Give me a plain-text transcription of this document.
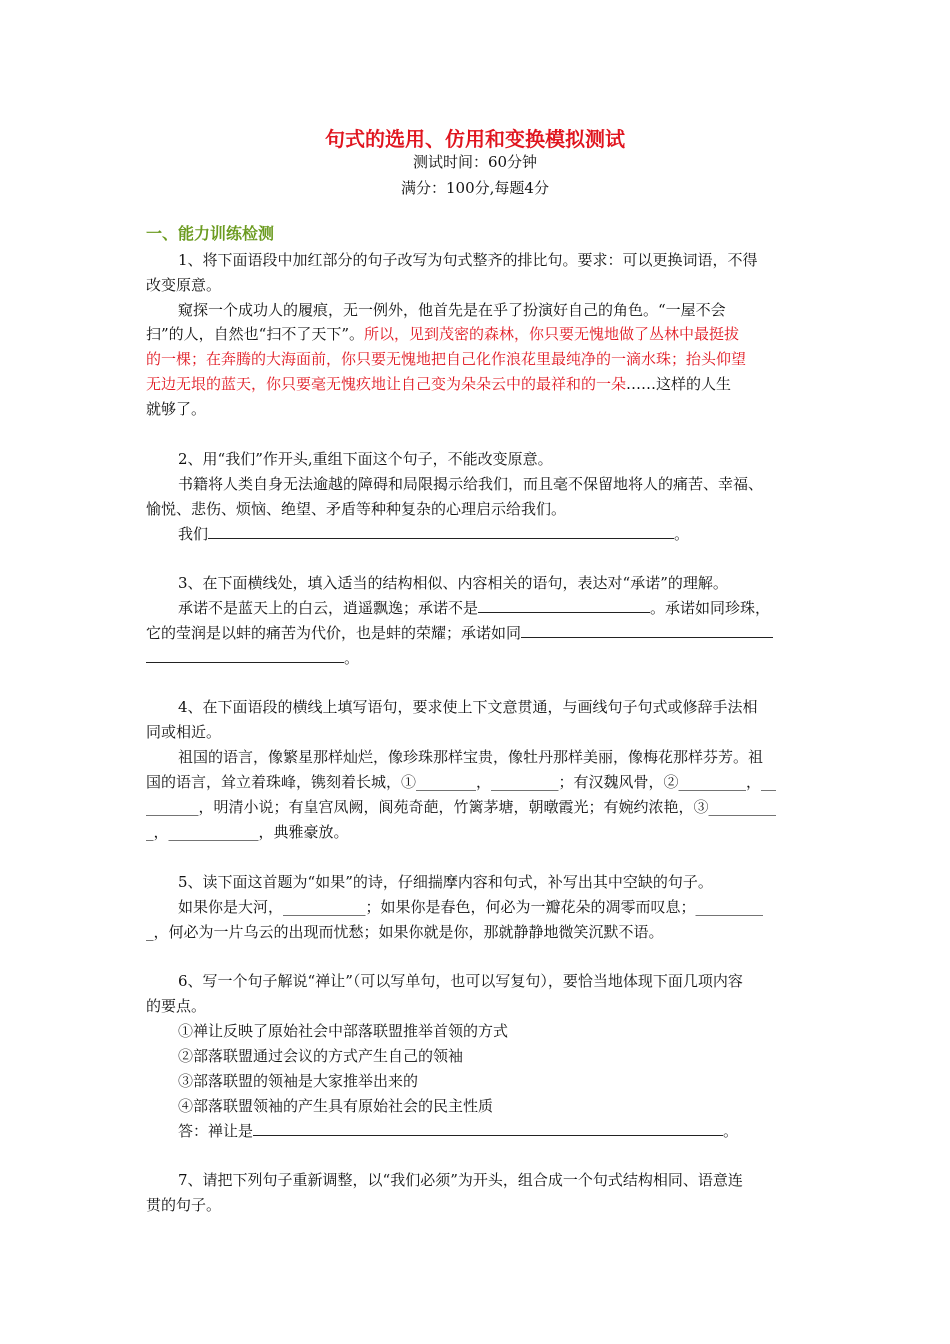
句式的选用、仿用和变换模拟测试
测试时间：60分钟
满分：100分,每题4分
一、能力训练检测
1、将下面语段中加红部分的句子改写为句式整齐的排比句。要求：可以更换词语，不得
改变原意。
窥探一个成功人的履痕，无一例外，他首先是在乎了扮演好自己的角色。“一屋不会
扫”的人，自然也“扫不了天下”。所以，见到茂密的森林，你只要无愧地做了丛林中最挺拔
的一棵；在奔腾的大海面前，你只要无愧地把自己化作浪花里最纯净的一滴水珠；抬头仰望
无边无垠的蓝天，你只要毫无愧疚地让自己变为朵朵云中的最祥和的一朵……这样的人生
就够了。
2、用“我们”作开头,重组下面这个句子，不能改变原意。
书籍将人类自身无法逾越的障碍和局限揭示给我们，而且毫不保留地将人的痛苦、幸福、
愉悦、悲伤、烦恼、绝望、矛盾等种种复杂的心理启示给我们。
我们	。
3、在下面横线处，填入适当的结构相似、内容相关的语句，表达对“承诺”的理解。
承诺不是蓝天上的白云，逍遥飘逸；承诺不是	。承诺如同珍珠，
它的莹润是以蚌的痛苦为代价，也是蚌的荣耀；承诺如同
。
4、在下面语段的横线上填写语句，要求使上下文意贯通，与画线句子句式或修辞手法相
同或相近。
祖国的语言，像繁星那样灿烂，像珍珠那样宝贵，像牡丹那样美丽，像梅花那样芬芳。祖
国的语言，耸立着珠峰，镌刻着长城，①________，_________；有汉魏风骨，②_________，__
_______，明清小说；有皇宫凤阙，阆苑奇葩，竹篱茅塘，朝暾霞光；有婉约浓艳，③_________
_，____________，典雅豪放。
5、读下面这首题为“如果”的诗，仔细揣摩内容和句式，补写出其中空缺的句子。
如果你是大河，___________；如果你是春色，何必为一瓣花朵的凋零而叹息；_________
_，何必为一片乌云的出现而忧愁；如果你就是你，那就静静地微笑沉默不语。
6、写一个句子解说“禅让”（可以写单句，也可以写复句），要恰当地体现下面几项内容
的要点。
①禅让反映了原始社会中部落联盟推举首领的方式
②部落联盟通过会议的方式产生自己的领袖
③部落联盟的领袖是大家推举出来的
④部落联盟领袖的产生具有原始社会的民主性质
答：禅让是	。
7、请把下列句子重新调整，以“我们必须”为开头，组合成一个句式结构相同、语意连
贯的句子。
